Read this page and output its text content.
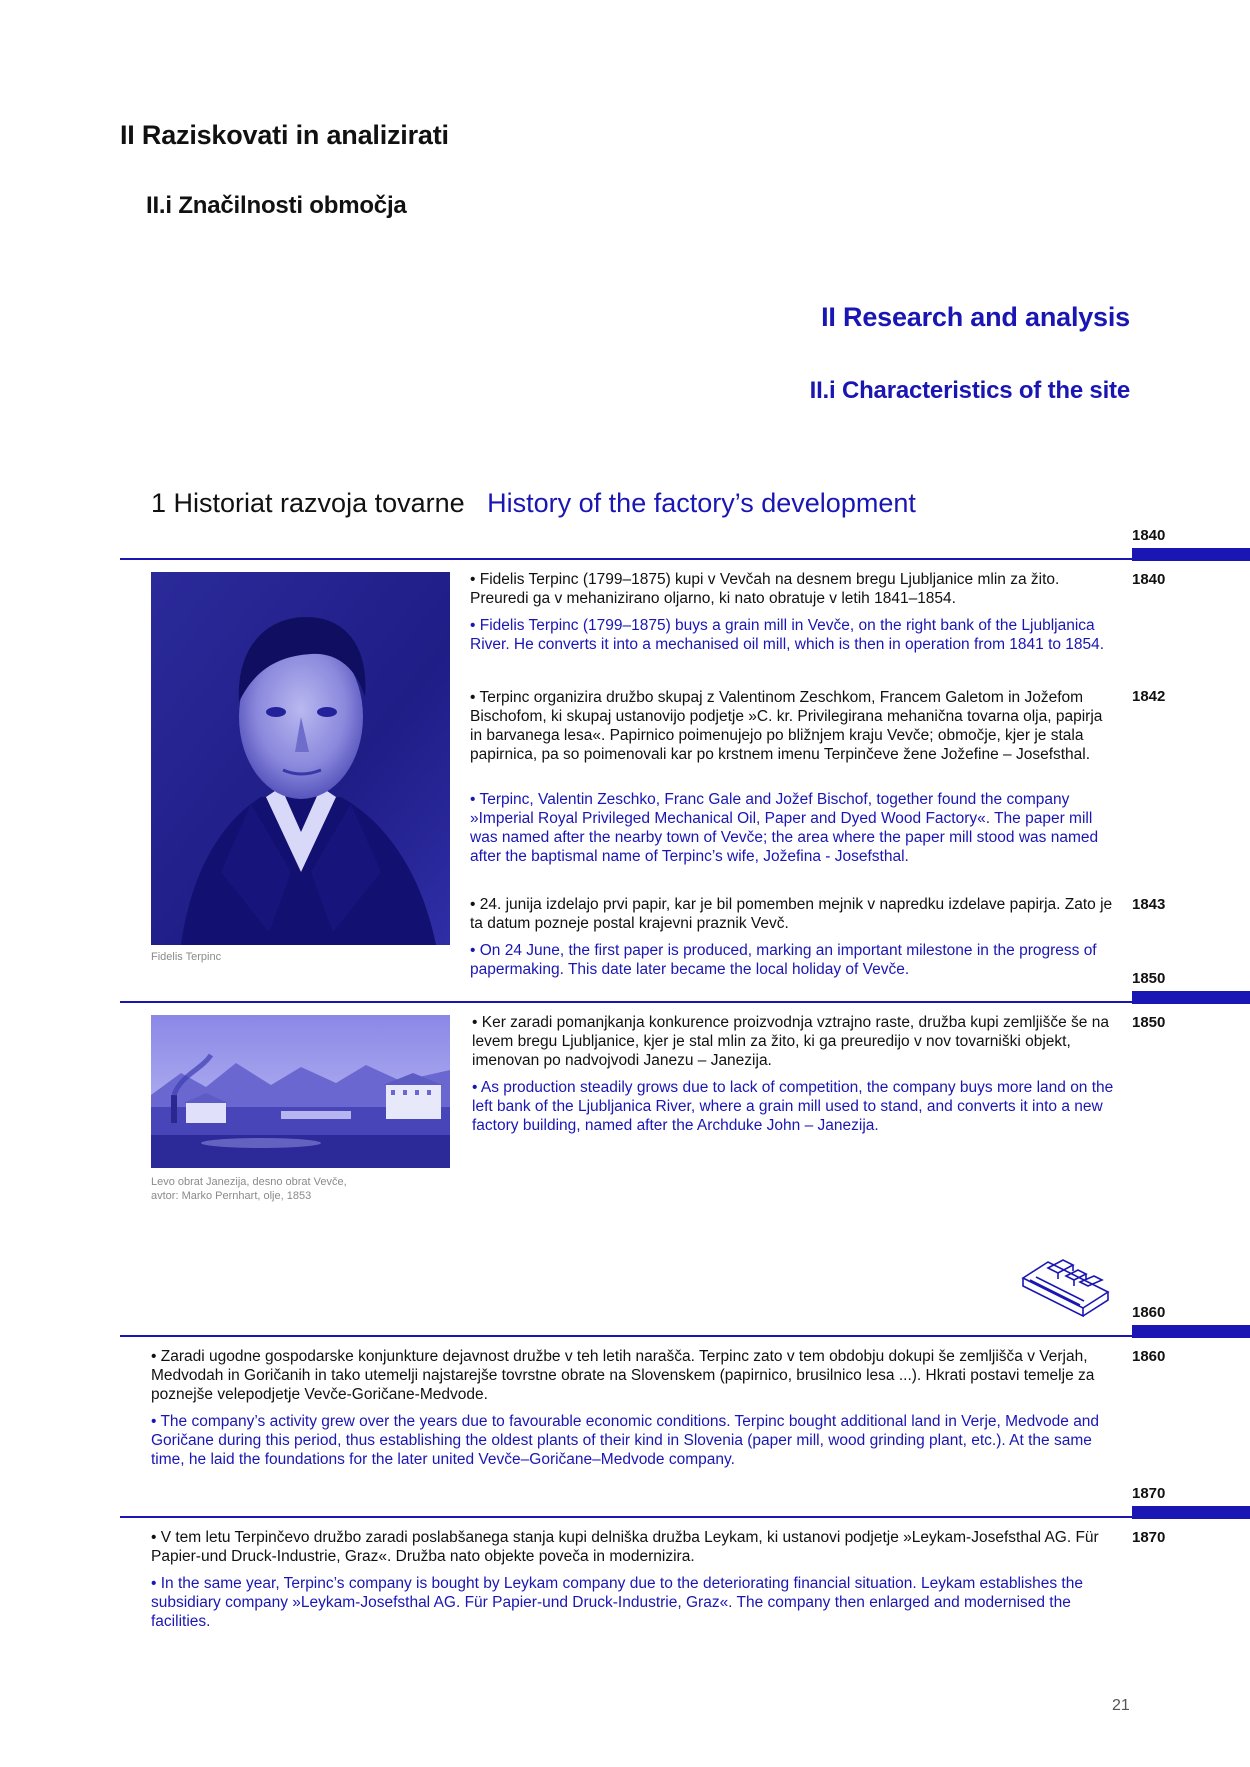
II Raziskovati in analizirati
II.i Značilnosti območja
II Research and analysis
II.i Characteristics of the site
1 Historiat razvoja tovarne History of the factory’s development
1840
Fidelis Terpinc
1840

• Fidelis Terpinc (1799–1875) kupi v Vevčah na desnem bregu Ljubljanice mlin za žito. Preuredi ga v mehanizirano oljarno, ki nato obratuje v letih 1841–1854.

• Fidelis Terpinc (1799–1875) buys a grain mill in Vevče, on the right bank of the Ljubljanica River. He converts it into a mechanised oil mill, which is then in operation from 1841 to 1854.

1842

• Terpinc organizira družbo skupaj z Valentinom Zeschkom, Francem Galetom in Jožefom Bischofom, ki skupaj ustanovijo podjetje »C. kr. Privilegirana mehanična tovarna olja, papirja in barvanega lesa«. Papirnico poimenujejo po bližnjem kraju Vevče; območje, kjer je stala papirnica, pa so poimenovali kar po krstnem imenu Terpinčeve žene Jožefine – Josefsthal.

• Terpinc, Valentin Zeschko, Franc Gale and Jožef Bischof, together found the company »Imperial Royal Privileged Mechanical Oil, Paper and Dyed Wood Factory«. The paper mill was named after the nearby town of Vevče; the area where the paper mill stood was named after the baptismal name of Terpinc’s wife, Jožefina - Josefsthal.

1843

• 24. junija izdelajo prvi papir, kar je bil pomemben mejnik v napredku izdelave papirja. Zato je ta datum pozneje postal krajevni praznik Vevč.

• On 24 June, the first paper is produced, marking an important milestone in the progress of papermaking. This date later became the local holiday of Vevče.

1850
Levo obrat Janezija, desno obrat Vevče,
avtor: Marko Pernhart, olje, 1853
1850

• Ker zaradi pomanjkanja konkurence proizvodnja vztrajno raste, družba kupi zemljišče še na levem bregu Ljubljanice, kjer je stal mlin za žito, ki ga preuredijo v nov tovarniški objekt, imenovan po nadvojvodi Janezu – Janezija.

• As production steadily grows due to lack of competition, the company buys more land on the left bank of the Ljubljanica River, where a grain mill used to stand, and converts it into a new factory building, named after the Archduke John – Janezija.

1860
1860

• Zaradi ugodne gospodarske konjunkture dejavnost družbe v teh letih narašča. Terpinc zato v tem obdobju dokupi še zemljišča v Verjah, Medvodah in Goričanih in tako utemelji najstarejše tovrstne obrate na Slovenskem (papirnico, brusilnico lesa ...). Hkrati postavi temelje za poznejše velepodjetje Vevče-Goričane-Medvode.

• The company’s activity grew over the years due to favourable economic conditions. Terpinc bought additional land in Verje, Medvode and Goričane during this period, thus establishing the oldest plants of their kind in Slovenia (paper mill, wood grinding plant, etc.). At the same time, he laid the foundations for the later united Vevče–Goričane–Medvode company.

1870
1870

• V tem letu Terpinčevo družbo zaradi poslabšanega stanja kupi delniška družba Leykam, ki ustanovi podjetje »Leykam-Josefsthal AG. Für Papier-und Druck-Industrie, Graz«. Družba nato objekte poveča in modernizira.

• In the same year, Terpinc’s company is bought by Leykam company due to the deteriorating financial situation. Leykam establishes the subsidiary company »Leykam-Josefsthal AG. Für Papier-und Druck-Industrie, Graz«. The company then enlarged and modernised the facilities.

21
